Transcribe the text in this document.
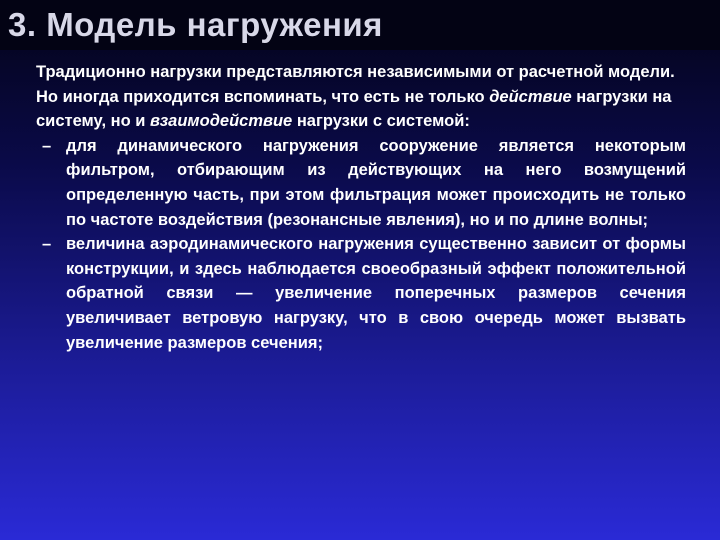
3. Модель нагружения

Традиционно нагрузки представляются независимыми от расчетной модели. Но иногда приходится вспоминать, что есть не только действие нагрузки на систему, но и взаимодействие нагрузки с системой:

– для динамического нагружения сооружение является некоторым фильтром, отбирающим из действующих на него возмущений определенную часть, при этом фильтрация может происходить не только по частоте воздействия (резонансные явления), но и по длине волны;
– величина аэродинамического нагружения существенно зависит от формы конструкции, и здесь наблюдается своеобразный эффект положительной обратной связи — увеличение поперечных размеров сечения увеличивает ветровую нагрузку, что в свою очередь может вызвать увеличение размеров сечения;
